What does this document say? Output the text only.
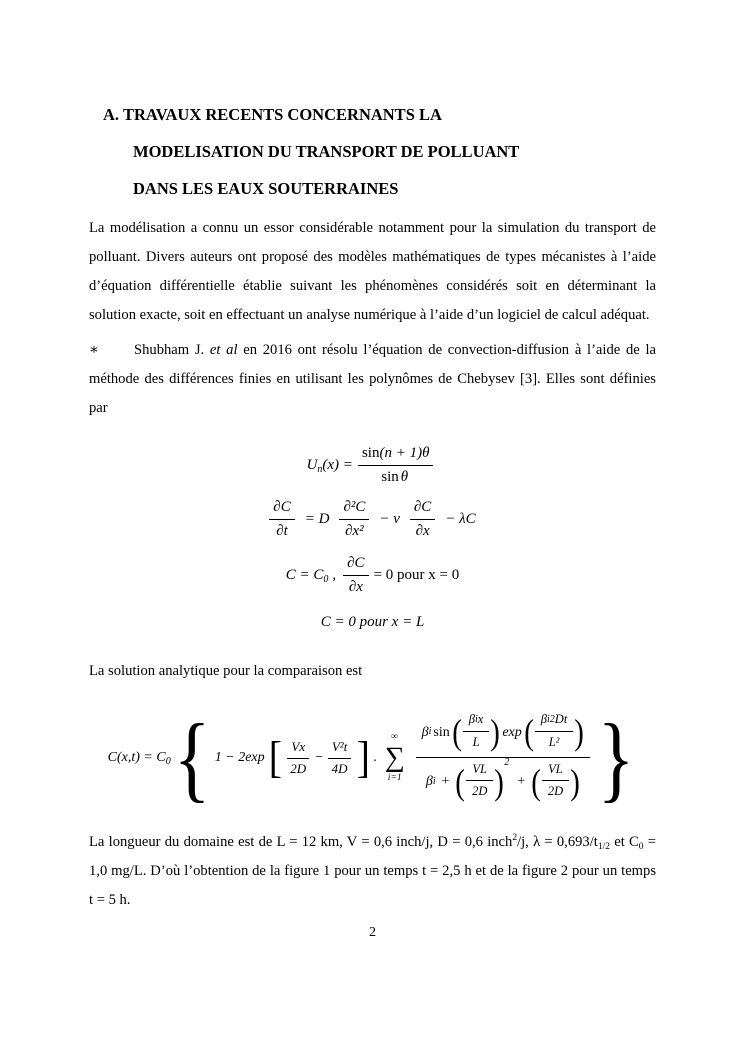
A. TRAVAUX RECENTS CONCERNANTS LA
MODELISATION DU TRANSPORT DE POLLUANT
DANS LES EAUX SOUTERRAINES

La modélisation a connu un essor considérable notamment pour la simulation du transport de polluant. Divers auteurs ont proposé des modèles mathématiques de types mécanistes à l’aide d’équation différentielle établie suivant les phénomènes considérés soit en déterminant la solution exacte, soit en effectuant un analyse numérique à l’aide d’un logiciel de calcul adéquat.

∗ Shubham J. et al en 2016 ont résolu l’équation de convection-diffusion à l’aide de la méthode des différences finies en utilisant les polynômes de Chebysev [3]. Elles sont définies par

$U_n(x) = \frac{\sin (n + 1)\theta}{\text{sin θ}}$
$\frac{\partial C}{\partial t} = D \frac{\text{∂²C}}{\text{∂x²}} - v \frac{\partial C}{\partial x} - \lambda C$
$C = C_0$ , $\frac{\partial C}{\partial x} = 0$ pour x = 0
C = 0 pour x = L

La solution analytique pour la comparaison est

$C(x,t) = C_0$ { 1 − 2exp [ $\frac{Vx}{2D} - \frac{\text{V²t}}{4D}$ ] .
∞
∑
i=1
β i sin ( $\frac{\text{β i x}}{L}$ ) exp ( $\frac{\text{β i 2 Dt}}{\text{L²}}$ )
β i + ( $\frac{VL}{2D}$ ) 2
+ ( $\frac{VL}{2D}$ ) }

La longueur du domaine est de L = 12 km, V = 0,6 inch/j, D = 0,6 inch$^2$/j, $\lambda = 0,693/t_{1/2}$ et $C_0 = 1,0$ mg/L. D’où l’obtention de la figure 1 pour un temps t = 2,5 h et de la figure 2 pour un temps t = 5 h.

2
